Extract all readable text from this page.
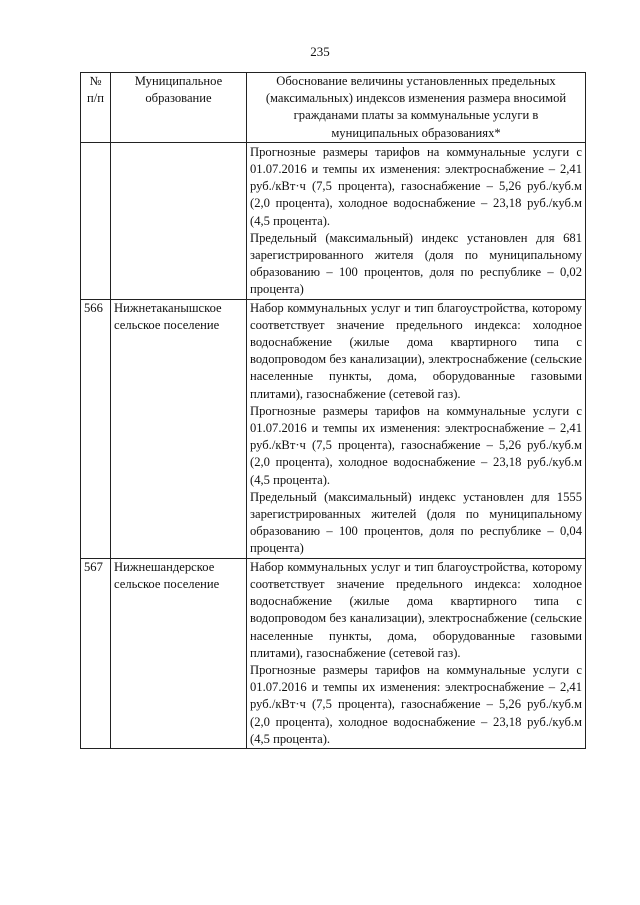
235
№
п/п	Муниципальное образование	Обоснование величины установленных предельных (максимальных) индексов изменения размера вносимой гражданами платы за коммунальные услуги в муниципальных образованиях*

		Прогнозные размеры тарифов на коммунальные услуги с 01.07.2016 и темпы их изменения: электроснабжение – 2,41 руб./кВт·ч (7,5 процента), газоснабжение – 5,26 руб./куб.м (2,0 процента), холодное водоснабжение – 23,18 руб./куб.м (4,5 процента).
Предельный (максимальный) индекс установлен для 681 зарегистрированного жителя (доля по муниципальному образованию – 100 процентов, доля по республике – 0,02 процента)

566	Нижнетаканышское сельское поселение	Набор коммунальных услуг и тип благоустройства, которому соответствует значение предельного индекса: холодное водоснабжение (жилые дома квартирного типа с водопроводом без канализации), электроснабжение (сельские населенные пункты, дома, оборудованные газовыми плитами), газоснабжение (сетевой газ).
Прогнозные размеры тарифов на коммунальные услуги с 01.07.2016 и темпы их изменения: электроснабжение – 2,41 руб./кВт·ч (7,5 процента), газоснабжение – 5,26 руб./куб.м (2,0 процента), холодное водоснабжение – 23,18 руб./куб.м (4,5 процента).
Предельный (максимальный) индекс установлен для 1555 зарегистрированных жителей (доля по муниципальному образованию – 100 процентов, доля по республике – 0,04 процента)

567	Нижнешандерское сельское поселение	Набор коммунальных услуг и тип благоустройства, которому соответствует значение предельного индекса: холодное водоснабжение (жилые дома квартирного типа с водопроводом без канализации), электроснабжение (сельские населенные пункты, дома, оборудованные газовыми плитами), газоснабжение (сетевой газ).
Прогнозные размеры тарифов на коммунальные услуги с 01.07.2016 и темпы их изменения: электроснабжение – 2,41 руб./кВт·ч (7,5 процента), газоснабжение – 5,26 руб./куб.м (2,0 процента), холодное водоснабжение – 23,18 руб./куб.м (4,5 процента).
